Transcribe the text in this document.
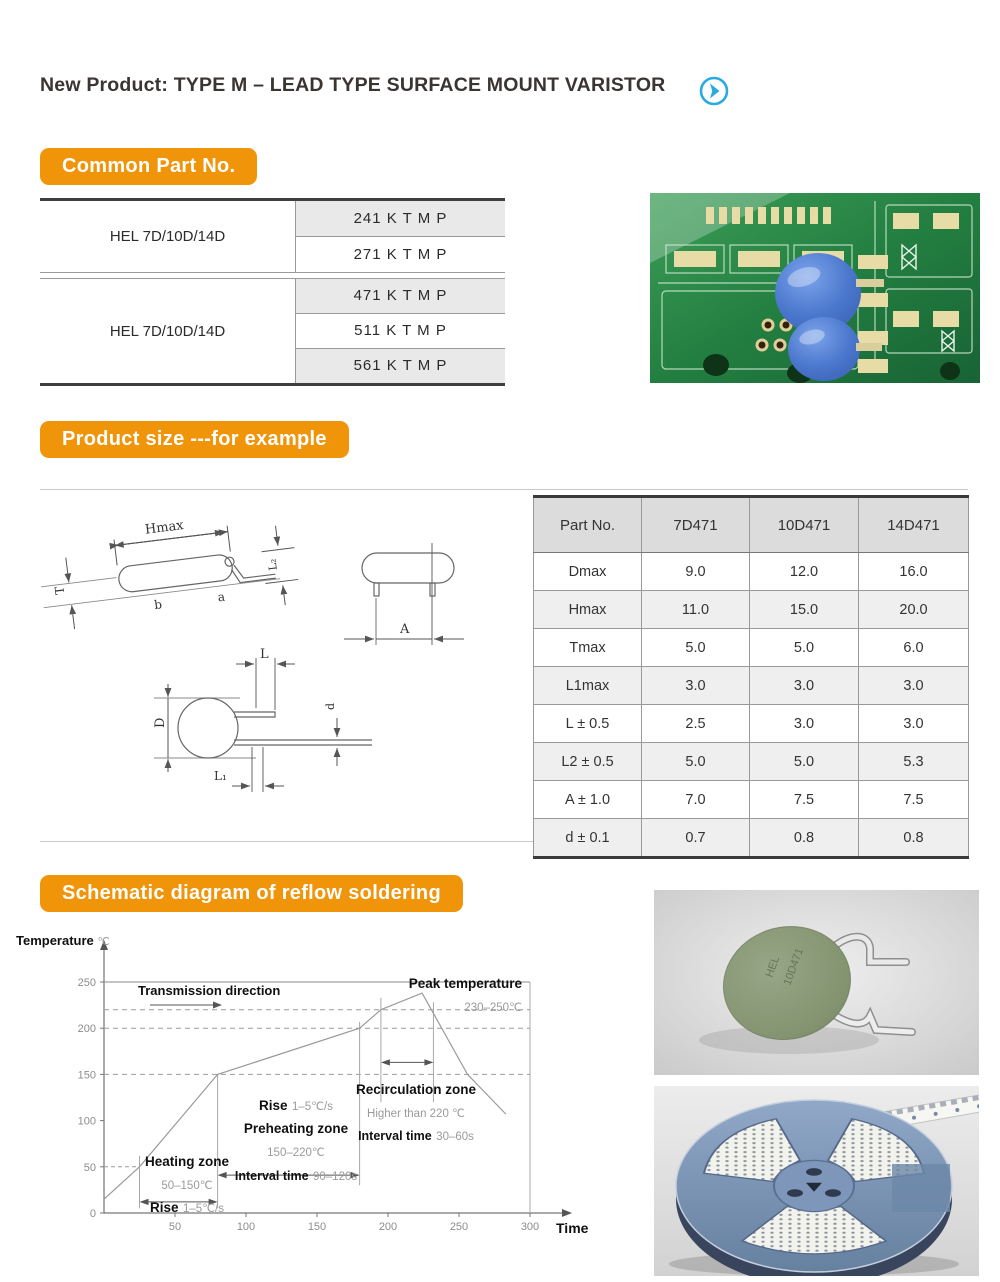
New Product: TYPE M – LEAD TYPE SURFACE MOUNT VARISTOR
Common Part No.
HEL 7D/10D/14D
241 K T M P
271 K T M P
HEL 7D/10D/14D
471 K T M P
511 K T M P
561 K T M P
Product size ---for example
T
Hmax
b
a
L₂
A
D
L
d
L₁
Part No.	7D471	10D471	14D471
Dmax	9.0	12.0	16.0
Hmax	11.0	15.0	20.0
Tmax	5.0	5.0	6.0
L1max	3.0	3.0	3.0
L ± 0.5	2.5	3.0	3.0
L2 ± 0.5	5.0	5.0	5.3
A ± 1.0	7.0	7.5	7.5
d ± 0.1	0.7	0.8	0.8
Schematic diagram of reflow soldering
50	100	150	200	250	300
0
50
100
150
200
250
Temperature ℃
Time
Transmission direction	Peak temperature
230–250℃
Recirculation zone
Higher than 220 ℃
Interval time 30–60s
Rise 1–5℃/s
Preheating zone
150–220℃
Interval time 90–120s
Heating zone
50–150℃
Rise 1–5℃/s
HEL 10D471
